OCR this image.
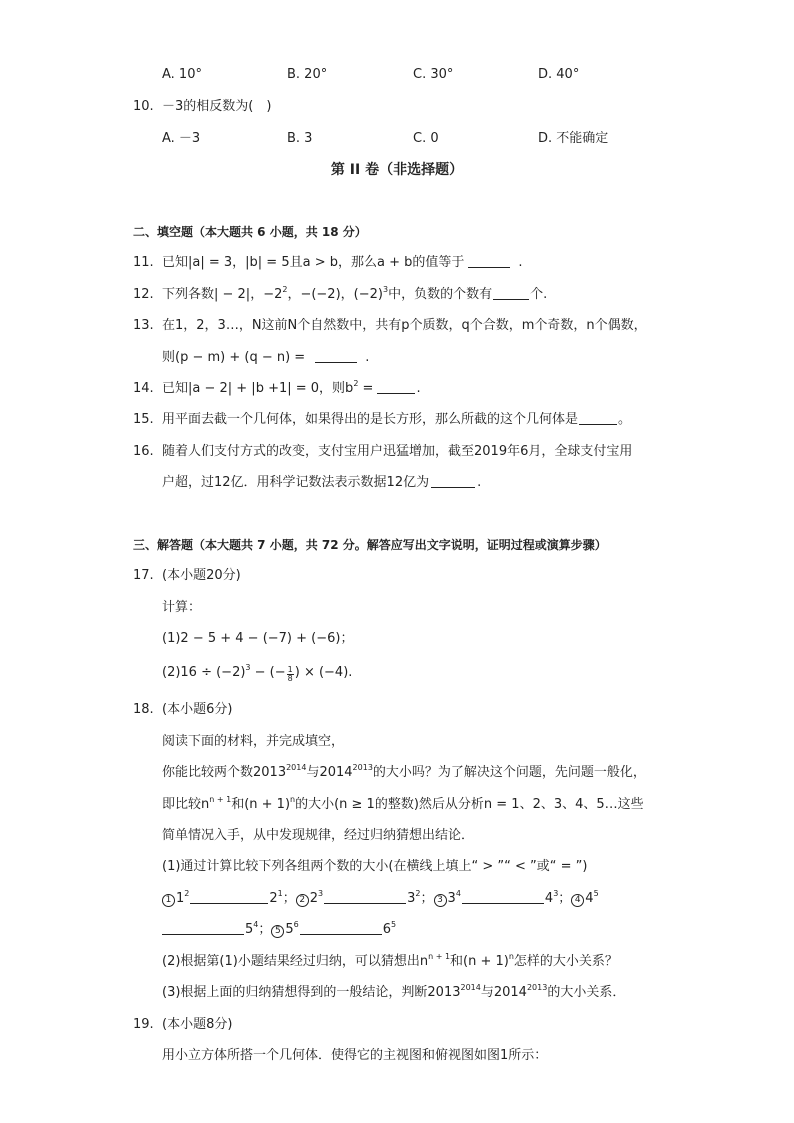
A. 10°	B. 20°	C. 30°	D. 40°
10. －3的相反数为(　)
A. －3	B. 3	C. 0	D. 不能确定
第 II 卷（非选择题）
二、填空题（本大题共 6 小题，共 18 分）
11. 已知|a| = 3，|b| = 5且a > b，那么a + b的值等于	.
12. 下列各数| − 2|，$-2^2$，−(−2)，$(-2)^3$中，负数的个数有	个.
13. 在1，2，3…，N这前N个自然数中，共有p个质数，q个合数，m个奇数，n个偶数，
则(p − m) + (q − n) =	.
14. 已知|a − 2| + |b +1| = 0，则$b^2$ =	.
15. 用平面去截一个几何体，如果得出的是长方形，那么所截的这个几何体是	。
16. 随着人们支付方式的改变，支付宝用户迅猛增加，截至2019年6月，全球支付宝用
户超，过12亿．用科学记数法表示数据12亿为	.
三、解答题（本大题共 7 小题，共 72 分。解答应写出文字说明，证明过程或演算步骤）
17. (本小题20分)
计算：
(1)2 − 5 + 4 − (−7) + (−6)；
$(2)16 \div (-2)^3$ − (− $\frac{1}{8}$ ) × (−4).
18. (本小题6分)
阅读下面的材料，并完成填空，
你能比较两个数$2013^{2014}$与$2014^{2013}$的大小吗？为了解决这个问题，先问题一般化，
即比较$n^{n + 1}$和$(n + 1)^n$的大小(n ≥ 1的整数)然后从分析n = 1、2、3、4、5…这些
简单情况入手，从中发现规律，经过归纳猜想出结论．
(1)通过计算比较下列各组两个数的大小(在横线上填上“ > ”“ < ”或“ = ”)
1 $1^2$	$2^1$； 2 $2^3$	$3^2$； 3 $3^4$	$4^3$； 4 $4^5$
$5^4$； 5 $5^6$	$6^5$
(2)根据第(1)小题结果经过归纳，可以猜想出$n^{n + 1}$和$(n + 1)^n$怎样的大小关系？
(3)根据上面的归纳猜想得到的一般结论，判断$2013^{2014}$与$2014^{2013}$的大小关系．
19. (本小题8分)
用小立方体所搭一个几何体．使得它的主视图和俯视图如图1所示：
